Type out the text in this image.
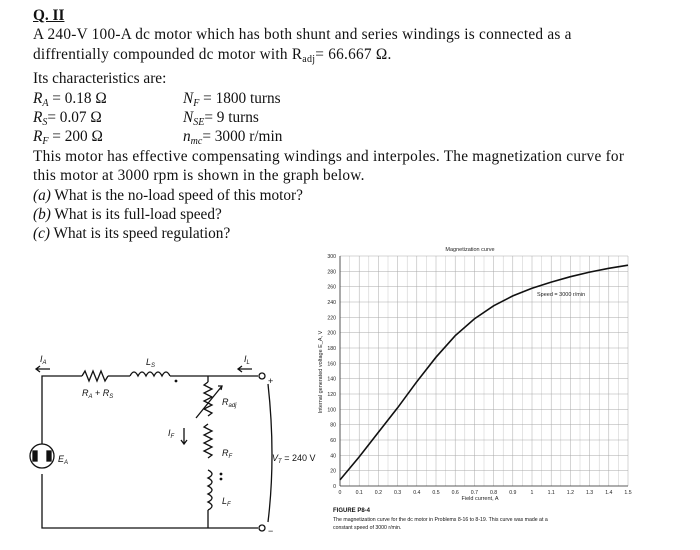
Q. II
A 240-V 100-A dc motor which has both shunt and series windings is connected as a
diffrentially compounded dc motor with $R_{adj}= 66.667$ Ω.
Its characteristics are:
$R_A = 0.18$ Ω	$N_F = 1800$ turns
$R_S= 0.07$ Ω	$N_{SE}= 9$ turns
$R_F = 200$ Ω	$n_{mc}= 3000$ r/min
This motor has effective compensating windings and interpoles. The magnetization curve for
this motor at 3000 rpm is shown in the graph below.
(a) What is the no-load speed of this motor?
(b) What is its full-load speed?
(c) What is its speed regulation?
$I_A$	$L_S$
$I_L$
+
$R_A + R_S$
$I_F$
$R_{adj}$
$R_F$
$L_F$
$E_A$	$V_T = 240$ V
−
0	0.1 0.2 0.3 0.4 0.5 0.6 0.7 0.8 0.9	1	1.1 1.2 1.3 1.4 1.5
0
20
40
60
80
100
120
140
160
180
200
220
240
260
280
300
Magnetization curve
Speed = 3000 r/min
Field current, A
Internal generated voltage E_A, V
FIGURE P8-4
The magnetization curve for the dc motor in Problems 8-16 to 8-19. This curve was made at a
constant speed of 3000 r/min.
